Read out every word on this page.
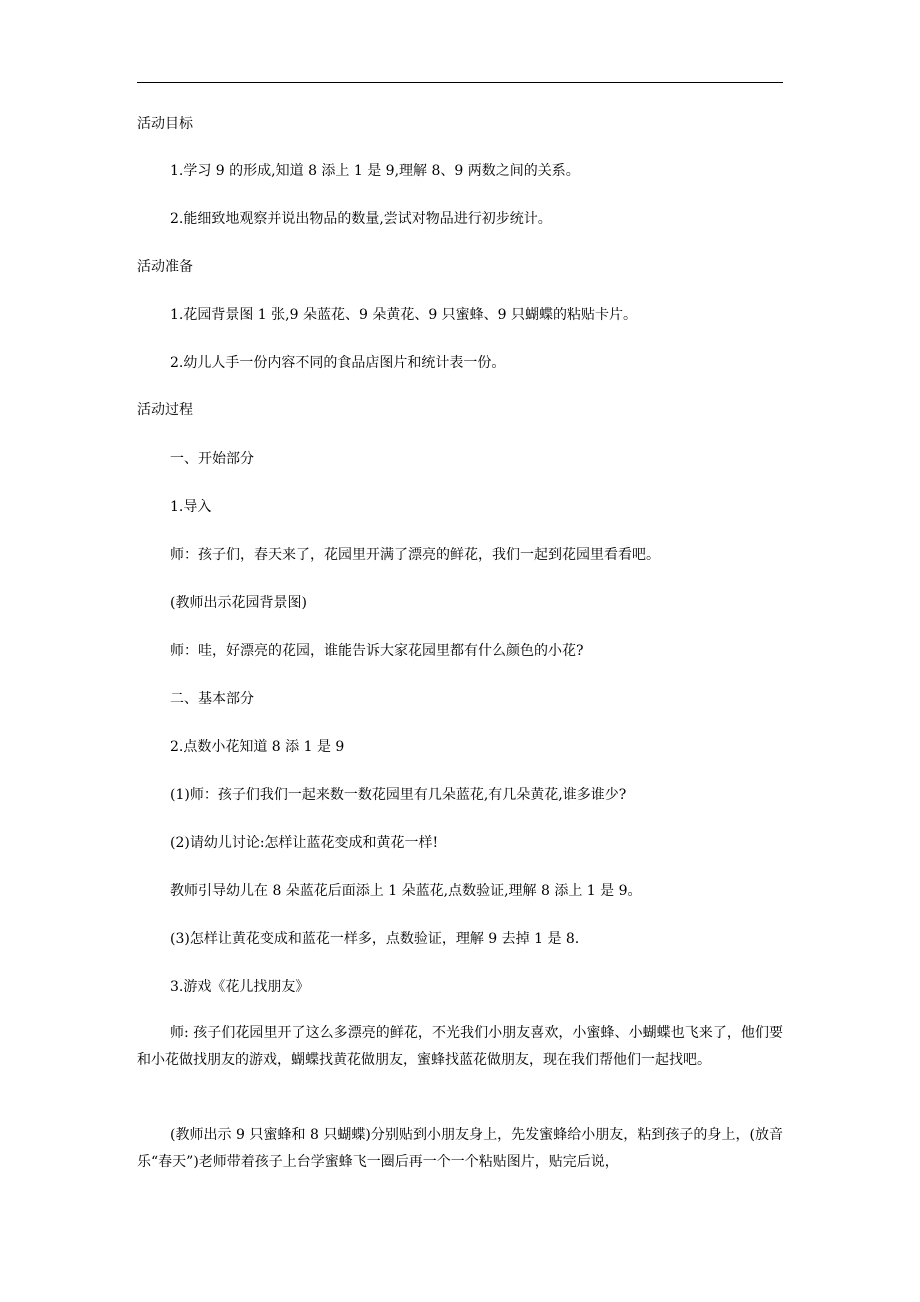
活动目标
1.学习 9 的形成,知道 8 添上 1 是 9,理解 8、9 两数之间的关系。
2.能细致地观察并说出物品的数量,尝试对物品进行初步统计。
活动准备
1.花园背景图 1 张,9 朵蓝花、9 朵黄花、9 只蜜蜂、9 只蝴蝶的粘贴卡片。
2.幼儿人手一份内容不同的食品店图片和统计表一份。
活动过程
一、开始部分
1.导入
师：孩子们，春天来了，花园里开满了漂亮的鲜花，我们一起到花园里看看吧。
(教师出示花园背景图)
师：哇，好漂亮的花园，谁能告诉大家花园里都有什么颜色的小花?
二、基本部分
2.点数小花知道 8 添 1 是 9
(1)师：孩子们我们一起来数一数花园里有几朵蓝花,有几朵黄花,谁多谁少?
(2)请幼儿讨论:怎样让蓝花变成和黄花一样!
教师引导幼儿在 8 朵蓝花后面添上 1 朵蓝花,点数验证,理解 8 添上 1 是 9。
(3)怎样让黄花变成和蓝花一样多，点数验证，理解 9 去掉 1 是 8.
3.游戏《花儿找朋友》
师: 孩子们花园里开了这么多漂亮的鲜花，不光我们小朋友喜欢，小蜜蜂、小蝴蝶也飞来了，他们要和小花做找朋友的游戏，蝴蝶找黄花做朋友，蜜蜂找蓝花做朋友，现在我们帮他们一起找吧。
(教师出示 9 只蜜蜂和 8 只蝴蝶)分别贴到小朋友身上，先发蜜蜂给小朋友，粘到孩子的身上，(放音乐“春天”)老师带着孩子上台学蜜蜂飞一圈后再一个一个粘贴图片，贴完后说，
